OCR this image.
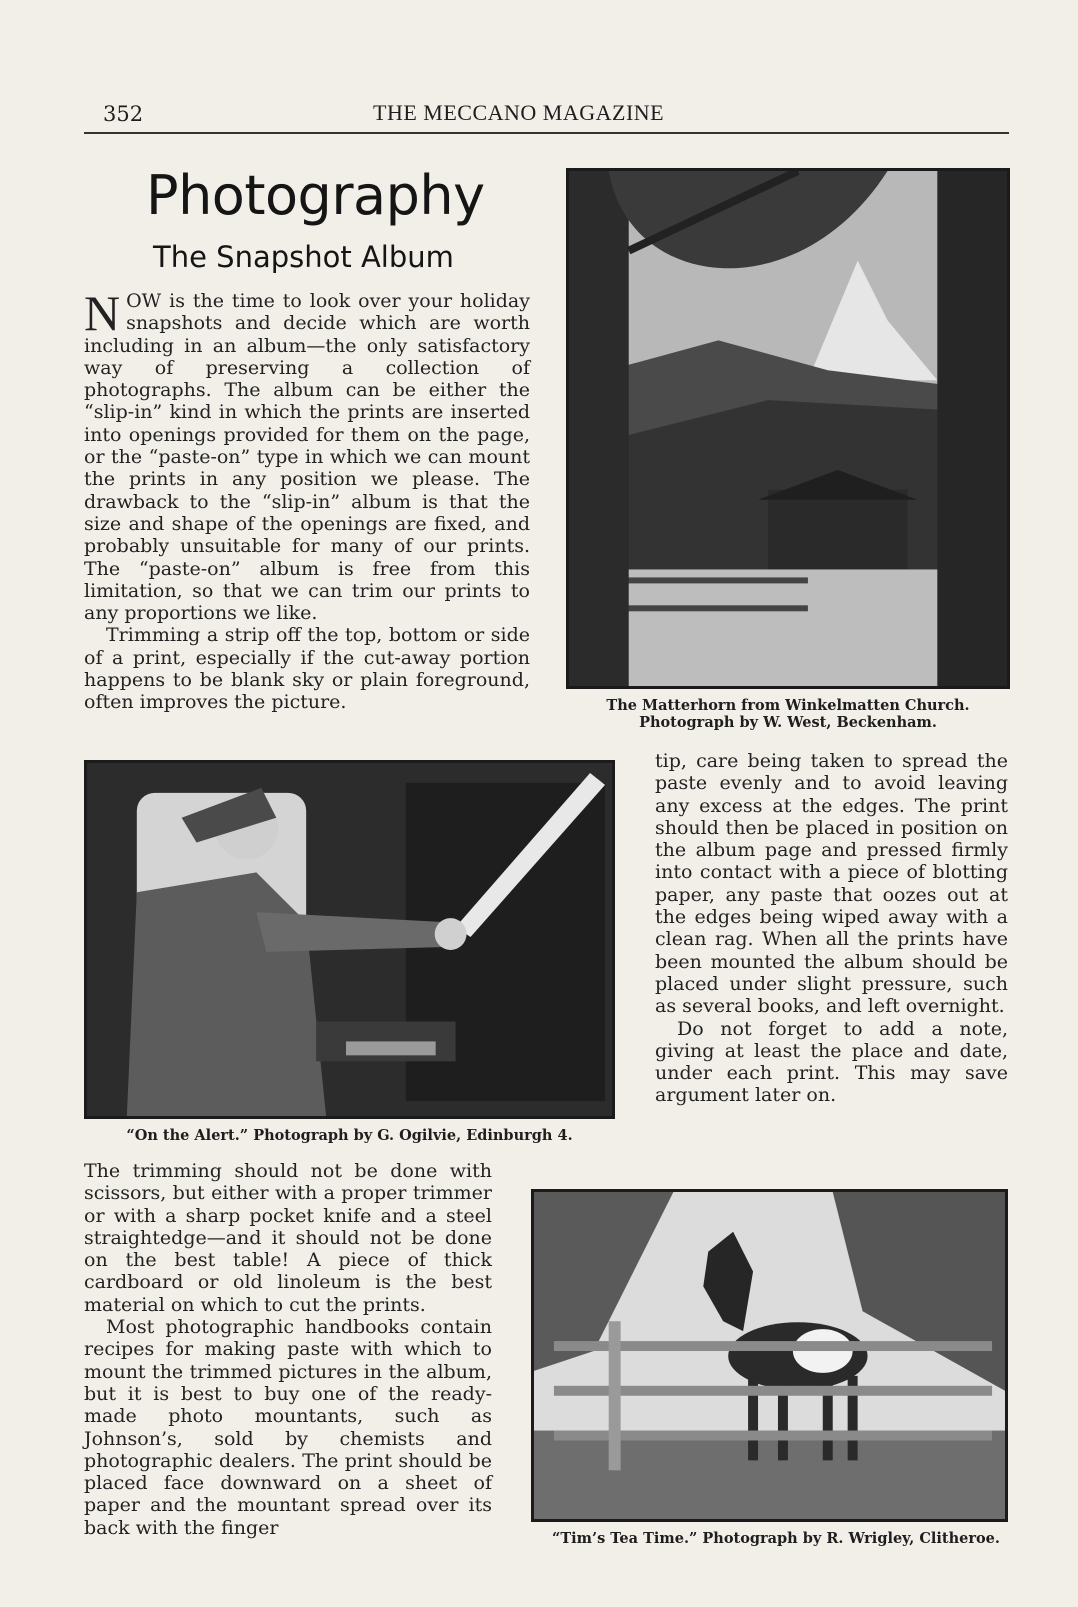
352	THE MECCANO MAGAZINE
Photography
The Snapshot Album

NOW is the time to look over your holiday snapshots and decide which are worth including in an album—the only satisfactory way of preserving a collection of photographs. The album can be either the “slip-in” kind in which the prints are inserted into openings provided for them on the page, or the “paste-on” type in which we can mount the prints in any position we please. The drawback to the “slip-in” album is that the size and shape of the openings are fixed, and probably unsuitable for many of our prints. The “paste-on” album is free from this limitation, so that we can trim our prints to any proportions we like.

Trimming a strip off the top, bottom or side of a print, especially if the cut-away portion happens to be blank sky or plain foreground, often improves the picture.

The trimming should not be done with scissors, but either with a proper trimmer or with a sharp pocket knife and a steel straightedge—and it should not be done on the best table! A piece of thick cardboard or old linoleum is the best material on which to cut the prints.

Most photographic handbooks contain recipes for making paste with which to mount the trimmed pictures in the album, but it is best to buy one of the ready-made photo mountants, such as Johnson’s, sold by chemists and photographic dealers. The print should be placed face downward on a sheet of paper and the mountant spread over its back with the finger

tip, care being taken to spread the paste evenly and to avoid leaving any excess at the edges. The print should then be placed in position on the album page and pressed firmly into contact with a piece of blotting paper, any paste that oozes out at the edges being wiped away with a clean rag. When all the prints have been mounted the album should be placed under slight pressure, such as several books, and left overnight.

Do not forget to add a note, giving at least the place and date, under each print. This may save argument later on.

The Matterhorn from Winkelmatten Church. Photograph by W. West, Beckenham.
“On the Alert.” Photograph by G. Ogilvie, Edinburgh 4.
“Tim’s Tea Time.” Photograph by R. Wrigley, Clitheroe.
